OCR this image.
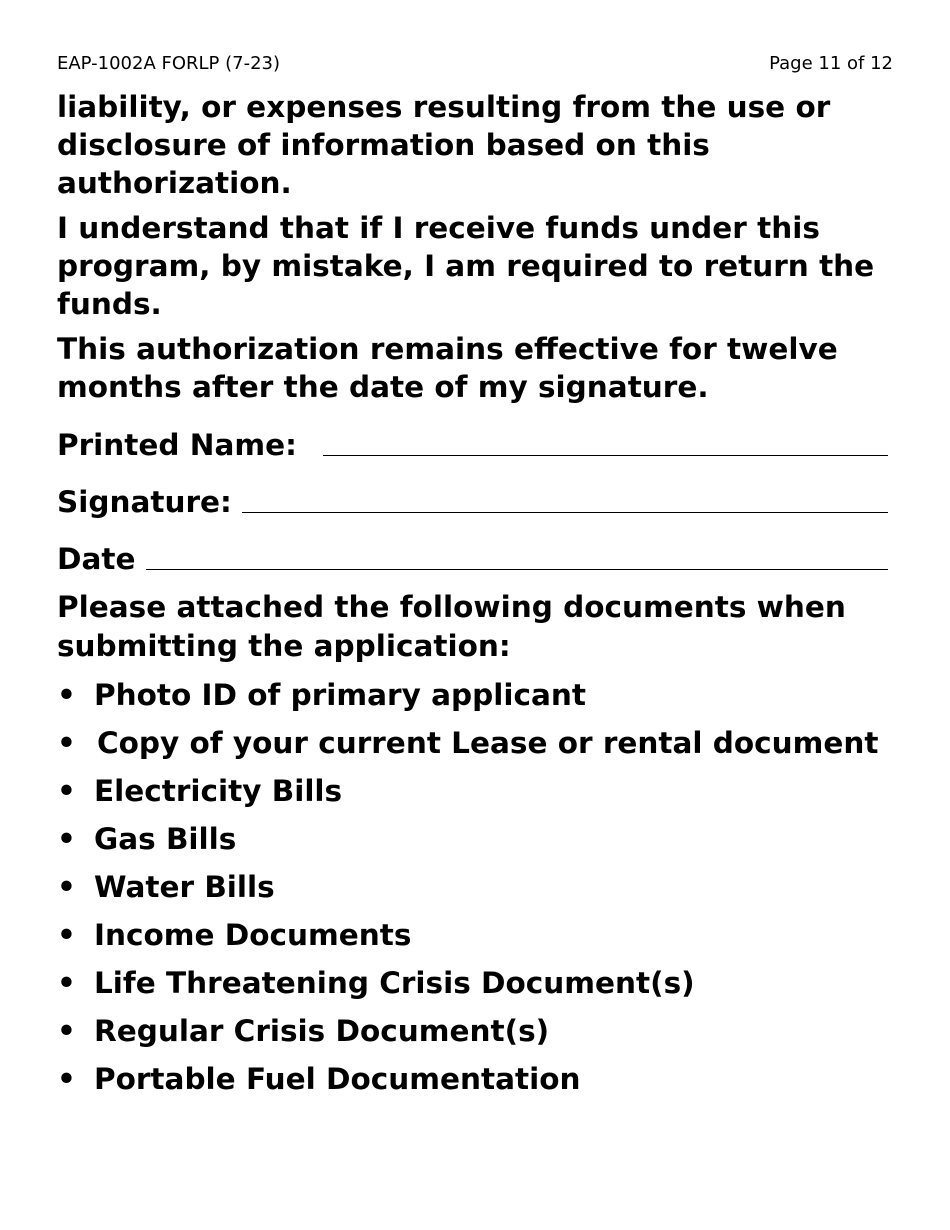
EAP-1002A FORLP (7-23)	Page 11 of 12

liability, or expenses resulting from the use or disclosure of information based on this authorization.

I understand that if I receive funds under this program, by mistake, I am required to return the funds.

This authorization remains effective for twelve months after the date of my signature.

Printed Name:
Signature:
Date

Please attached the following documents when submitting the application:

• Photo ID of primary applicant
• Copy of your current Lease or rental document
• Electricity Bills
• Gas Bills
• Water Bills
• Income Documents
• Life Threatening Crisis Document(s)
• Regular Crisis Document(s)
• Portable Fuel Documentation
